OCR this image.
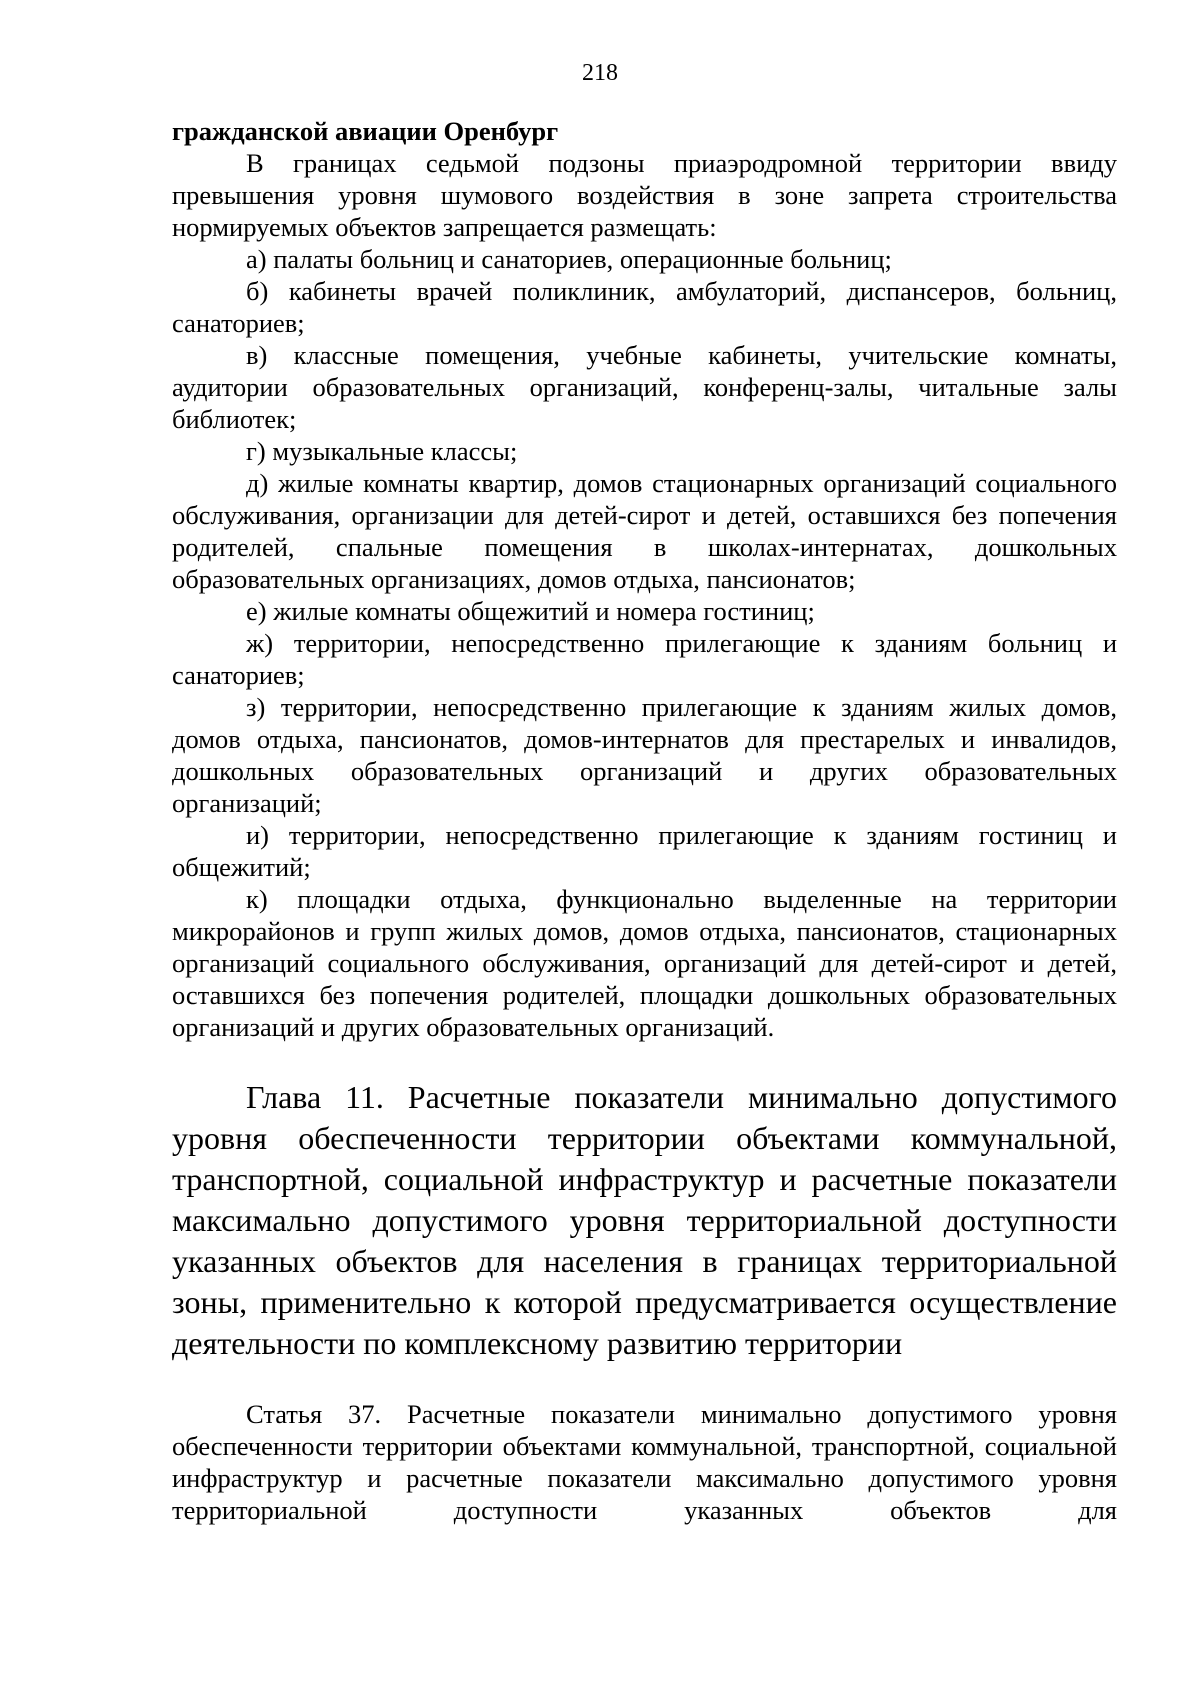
218

гражданской авиации Оренбург

В границах седьмой подзоны приаэродромной территории ввиду превышения уровня шумового воздействия в зоне запрета строительства нормируемых объектов запрещается размещать:

а) палаты больниц и санаториев, операционные больниц;

б) кабинеты врачей поликлиник, амбулаторий, диспансеров, больниц, санаториев;

в) классные помещения, учебные кабинеты, учительские комнаты, аудитории образовательных организаций, конференц-залы, читальные залы библиотек;

г) музыкальные классы;

д) жилые комнаты квартир, домов стационарных организаций социального обслуживания, организации для детей-сирот и детей, оставшихся без попечения родителей, спальные помещения в школах-интернатах, дошкольных образовательных организациях, домов отдыха, пансионатов;

е) жилые комнаты общежитий и номера гостиниц;

ж) территории, непосредственно прилегающие к зданиям больниц и санаториев;

з) территории, непосредственно прилегающие к зданиям жилых домов, домов отдыха, пансионатов, домов-интернатов для престарелых и инвалидов, дошкольных образовательных организаций и других образовательных организаций;

и) территории, непосредственно прилегающие к зданиям гостиниц и общежитий;

к) площадки отдыха, функционально выделенные на территории микрорайонов и групп жилых домов, домов отдыха, пансионатов, стационарных организаций социального обслуживания, организаций для детей-сирот и детей, оставшихся без попечения родителей, площадки дошкольных образовательных организаций и других образовательных организаций.

Глава 11. Расчетные показатели минимально допустимого уровня обеспеченности территории объектами коммунальной, транспортной, социальной инфраструктур и расчетные показатели максимально допустимого уровня территориальной доступности указанных объектов для населения в границах территориальной зоны, применительно к которой предусматривается осуществление деятельности по комплексному развитию территории

Статья 37. Расчетные показатели минимально допустимого уровня обеспеченности территории объектами коммунальной, транспортной, социальной инфраструктур и расчетные показатели максимально допустимого уровня территориальной доступности указанных объектов для
